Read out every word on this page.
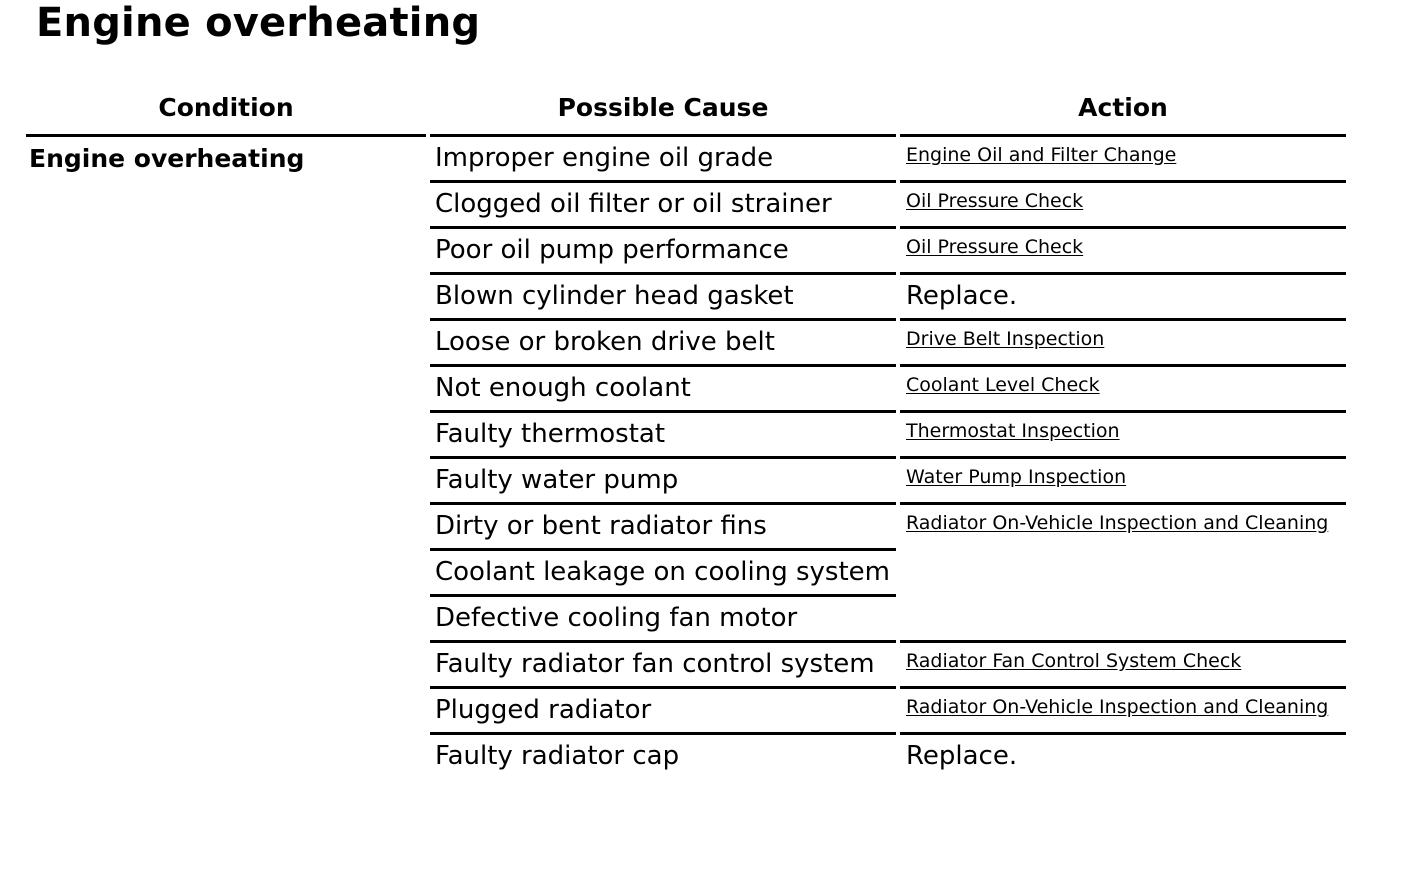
Engine overheating
Condition	Possible Cause	Action
Engine overheating	Improper engine oil grade	Engine Oil and Filter Change
	Clogged oil filter or oil strainer	Oil Pressure Check
	Poor oil pump performance	Oil Pressure Check
	Blown cylinder head gasket	Replace.

	Loose or broken drive belt	Drive Belt Inspection
	Not enough coolant	Coolant Level Check
	Faulty thermostat	Thermostat Inspection
	Faulty water pump	Water Pump Inspection
	Dirty or bent radiator fins	Radiator On-Vehicle Inspection and Cleaning
	Coolant leakage on cooling system	
	Defective cooling fan motor	
	Faulty radiator fan control system	Radiator Fan Control System Check
	Plugged radiator	Radiator On-Vehicle Inspection and Cleaning
	Faulty radiator cap	Replace.
